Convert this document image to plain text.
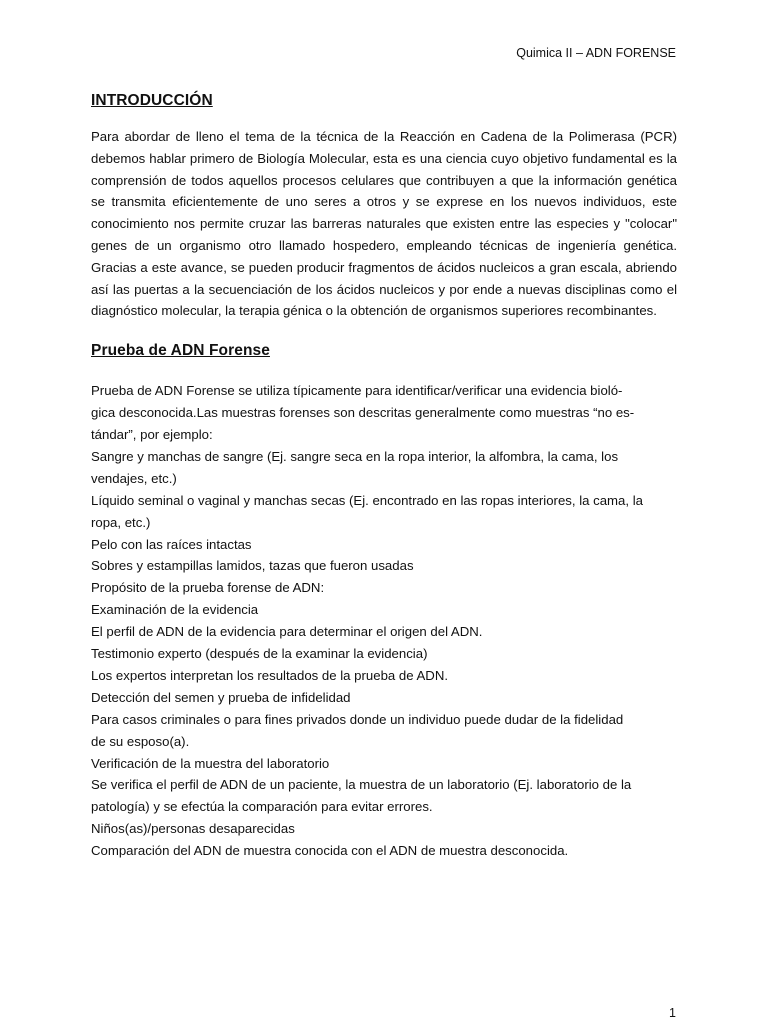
Quimica II – ADN FORENSE
INTRODUCCIÓN

Para abordar de lleno el tema de la técnica de la Reacción en Cadena de la Polimerasa (PCR) debemos hablar primero de Biología Molecular, esta es una ciencia cuyo objetivo fundamental es la comprensión de todos aquellos procesos celulares que contribuyen a que la información genética se transmita eficientemente de uno seres a otros y se exprese en los nuevos individuos, este conocimiento nos permite cruzar las barreras naturales que existen entre las especies y "colocar" genes de un organismo otro llamado hospedero, empleando técnicas de ingeniería genética. Gracias a este avance, se pueden producir fragmentos de ácidos nucleicos a gran escala, abriendo así las puertas a la secuenciación de los ácidos nucleicos y por ende a nuevas disciplinas como el diagnóstico molecular, la terapia génica o la obtención de organismos superiores recombinantes.

Prueba de ADN Forense
Prueba de ADN Forense se utiliza típicamente para identificar/verificar una evidencia bioló-
gica desconocida.Las muestras forenses son descritas generalmente como muestras “no es-
tándar”, por ejemplo:
Sangre y manchas de sangre (Ej. sangre seca en la ropa interior, la alfombra, la cama, los
vendajes, etc.)
Líquido seminal o vaginal y manchas secas (Ej. encontrado en las ropas interiores, la cama, la
ropa, etc.)
Pelo con las raíces intactas
Sobres y estampillas lamidos, tazas que fueron usadas
Propósito de la prueba forense de ADN:
Examinación de la evidencia
El perfil de ADN de la evidencia para determinar el origen del ADN.
Testimonio experto (después de la examinar la evidencia)
Los expertos interpretan los resultados de la prueba de ADN.
Detección del semen y prueba de infidelidad
Para casos criminales o para fines privados donde un individuo puede dudar de la fidelidad
de su esposo(a).
Verificación de la muestra del laboratorio
Se verifica el perfil de ADN de un paciente, la muestra de un laboratorio (Ej. laboratorio de la
patología) y se efectúa la comparación para evitar errores.
Niños(as)/personas desaparecidas
Comparación del ADN de muestra conocida con el ADN de muestra desconocida.
1
